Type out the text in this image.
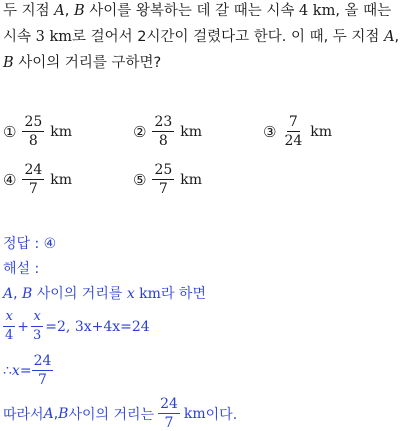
두 지점 A, B 사이를 왕복하는 데 갈 때는 시속 4 km, 올 때는
시속 3 km로 걸어서 2시간이 걸렸다고 한다. 이 때, 두 지점 A,
B 사이의 거리를 구하면?
① $\frac{25}{8}$ km	② $\frac{23}{8}$ km	③ $\frac{7}{24}$ km
④ $\frac{24}{7}$ km	⑤ $\frac{25}{7}$ km
정답 : ④
해설 :
A, B 사이의 거리를 x km라 하면
$\frac{x}{4} + \frac{x}{3} =2$, 3x+4x=24
∴ $x = \frac{24}{7}$
따라서 A , B 사이의 거리는 $\frac{24}{7}$ km 이다.
